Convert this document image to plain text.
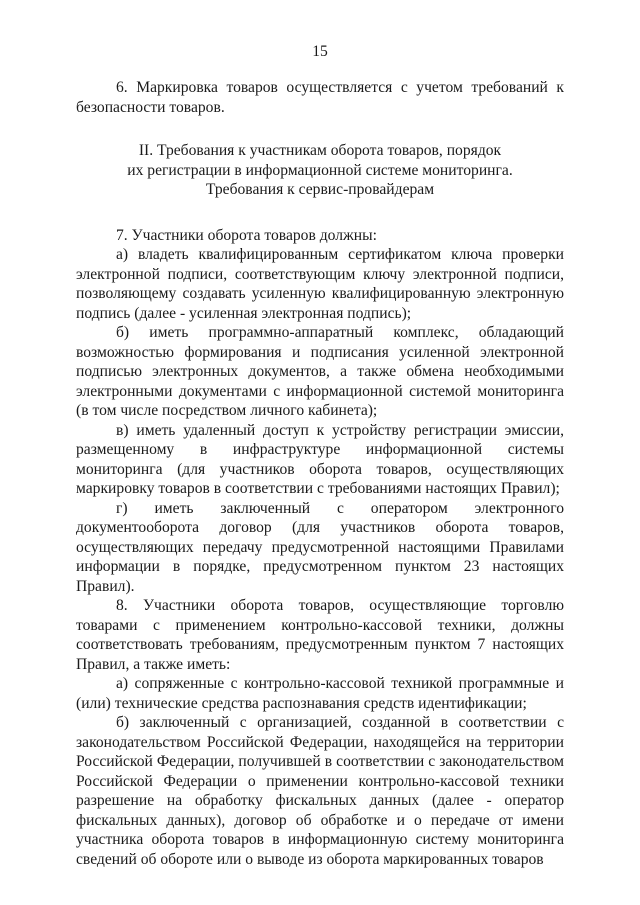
15

6. Маркировка товаров осуществляется с учетом требований к безопасности товаров.

II. Требования к участникам оборота товаров, порядок
их регистрации в информационной системе мониторинга.
Требования к сервис-провайдерам

7. Участники оборота товаров должны:

а) владеть квалифицированным сертификатом ключа проверки электронной подписи, соответствующим ключу электронной подписи, позволяющему создавать усиленную квалифицированную электронную подпись (далее - усиленная электронная подпись);

б) иметь программно-аппаратный комплекс, обладающий возможностью формирования и подписания усиленной электронной подписью электронных документов, а также обмена необходимыми электронными документами с информационной системой мониторинга (в том числе посредством личного кабинета);

в) иметь удаленный доступ к устройству регистрации эмиссии, размещенному в инфраструктуре информационной системы мониторинга (для участников оборота товаров, осуществляющих маркировку товаров в соответствии с требованиями настоящих Правил);

г) иметь заключенный с оператором электронного документооборота договор (для участников оборота товаров, осуществляющих передачу предусмотренной настоящими Правилами информации в порядке, предусмотренном пунктом 23 настоящих Правил).

8. Участники оборота товаров, осуществляющие торговлю товарами с применением контрольно-кассовой техники, должны соответствовать требованиям, предусмотренным пунктом 7 настоящих Правил, а также иметь:

а) сопряженные с контрольно-кассовой техникой программные и (или) технические средства распознавания средств идентификации;

б) заключенный с организацией, созданной в соответствии с законодательством Российской Федерации, находящейся на территории Российской Федерации, получившей в соответствии с законодательством Российской Федерации о применении контрольно-кассовой техники разрешение на обработку фискальных данных (далее - оператор фискальных данных), договор об обработке и о передаче от имени участника оборота товаров в информационную систему мониторинга сведений об обороте или о выводе из оборота маркированных товаров
